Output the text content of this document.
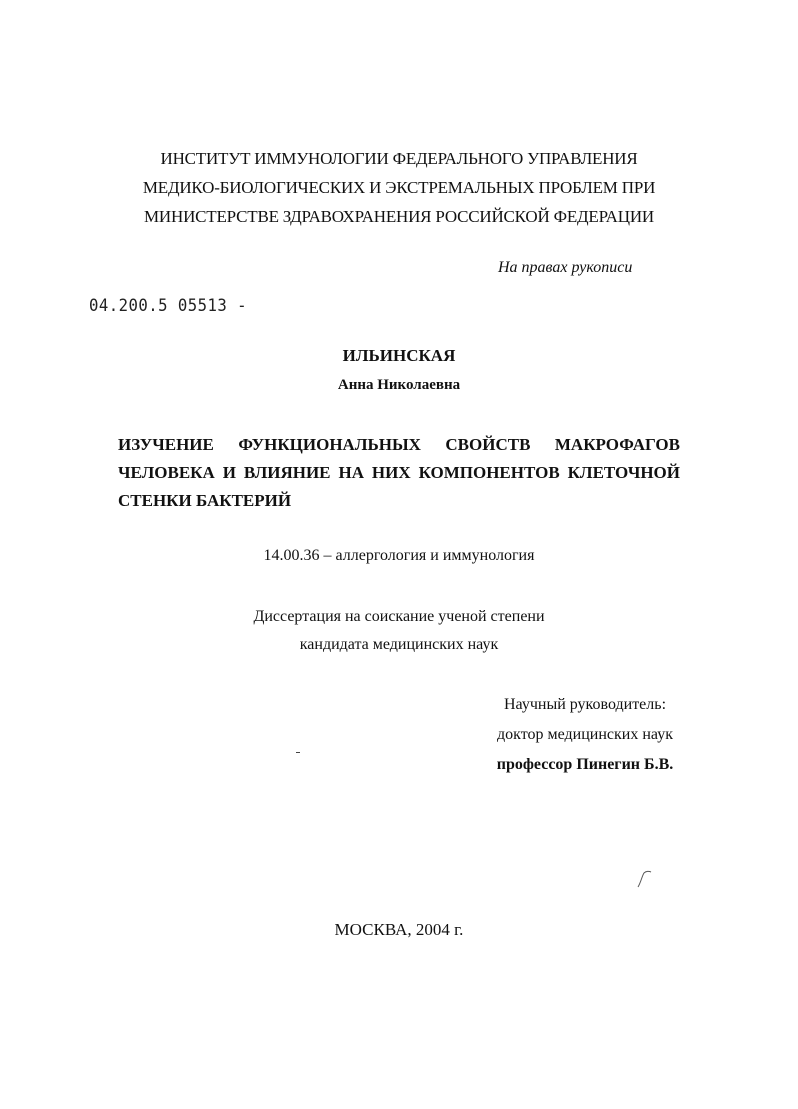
ИНСТИТУТ ИММУНОЛОГИИ ФЕДЕРАЛЬНОГО УПРАВЛЕНИЯ
МЕДИКО-БИОЛОГИЧЕСКИХ И ЭКСТРЕМАЛЬНЫХ ПРОБЛЕМ ПРИ
МИНИСТЕРСТВЕ ЗДРАВОХРАНЕНИЯ РОССИЙСКОЙ ФЕДЕРАЦИИ
На правах рукописи
04.200.5 05513 -
ИЛЬИНСКАЯ
Анна Николаевна
ИЗУЧЕНИЕ ФУНКЦИОНАЛЬНЫХ СВОЙСТВ МАКРОФАГОВ
ЧЕЛОВЕКА И ВЛИЯНИЕ НА НИХ КОМПОНЕНТОВ КЛЕТОЧНОЙ
СТЕНКИ БАКТЕРИЙ
14.00.36 – аллергология и иммунология
Диссертация на соискание ученой степени
кандидата медицинских наук
Научный руководитель:
доктор медицинских наук
профессор Пинегин Б.В.
МОСКВА, 2004 г.
